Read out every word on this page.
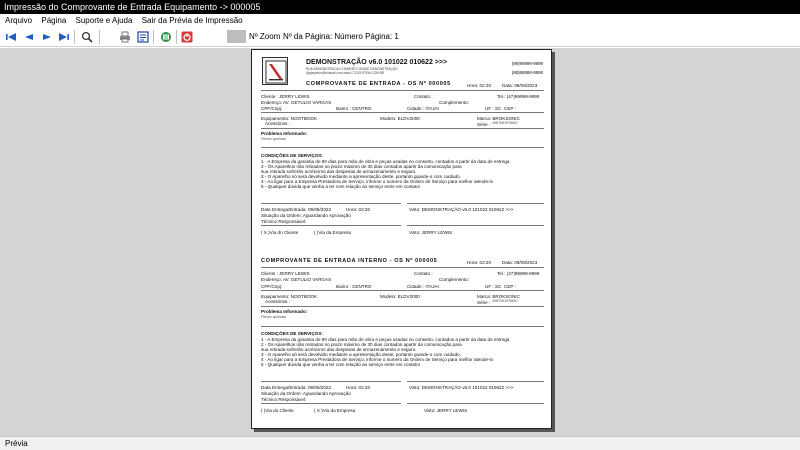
Impressão do Comprovante de Entrada Equipamento -> 000005
Arquivo Página Suporte e Ajuda Sair da Prévia de Impressão
Nº Zoom Nº da Página: Número Página: 1
DEMONSTRAÇÃO v6.0 101022 010622 >>>
RUA DEMONSTRACAO 0 BAIRRO CIDADE DEMONSTRAÇÃO
@gtsystem@hotmail.com www.CTOSYSTEM.COM.BR
(99)99999-9999
(88)88888-8888
COMPROVANTE DE ENTRADA - OS Nº 000005	Hora: 02:20 Data: 09/09/2023
Cliente : JERRY LEWIS	Contato :	Tel.: (47)99999-9999
Endereço: AV. GETULIO VARGAS	Complemento:
CPF/Cnpj:	Bairro : CENTRO	Cidade : ITAJAI	UF : SC CEP :
Equipamento: NOOTBOOK	Modelo: ELDV2000	Marca: BROKSONIC
Acessórios :	Série : 4HB7MKSF9MAD
Problema Informado:
Flexivio quebrado
CONDIÇÕES DE SERVIÇOS:
1 - A Empresa da garantia de 90 dias para mão de obra e peças usadas no conserto, contados a partir da data de entrega
2 - Os Aparelhos não retirados no prazo máximo de 30 dias contados apartir da comunicação para
sua retirada sofrerão acréscimo das despesas de armazenamento e seguro.
3 - O Aparelho só será devolvido mediante a apresentação deste, portanto guarde-o com cuidado.
4 - Ao ligar para a Empresa Prestadora de Serviço, informe o numero da Ordem de Serviço para melhor atende-lo
5 - Qualquer dúvida que venha a ter com relação ao serviço entre em contato!
Data Entrega/Entrada: 09/09/2023	Hora: 02:20	Visto: DEMONSTRAÇÃO v6.0 101022 010622 >>>
Situação da Ordem: Aguardando Aprovação
Técnico Responsável:
( X )Via do Cliente	( )Via da Empresa	Visto: JERRY LEWIS
COMPROVANTE DE ENTRADA INTERNO - OS Nº 000005	Hora: 02:20 Data: 09/09/2023
Cliente : JERRY LEWIS	Contato :	Tel.: (47)99999-9999
Endereço: AV. GETULIO VARGAS	Complemento:
CPF/Cnpj:	Bairro : CENTRO	Cidade : ITAJAI	UF : SC CEP :
Equipamento: NOOTBOOK	Modelo: ELDV2000	Marca: BROKSONIC
Acessórios :	Série : 4HB7MKSF9MAD
Problema Informado:
Flexivio quebrado
CONDIÇÕES DE SERVIÇOS:
1 - A Empresa da garantia de 90 dias para mão de obra e peças usadas no conserto, contados a partir da data de entrega
2 - Os Aparelhos não retirados no prazo máximo de 30 dias contados apartir da comunicação para
sua retirada sofrerão acréscimo das despesas de armazenamento e seguro.
3 - O Aparelho só será devolvido mediante a apresentação deste, portanto guarde-o com cuidado.
4 - Ao ligar para a Empresa Prestadora de Serviço, informe o numero da Ordem de Serviço para melhor atende-lo
5 - Qualquer dúvida que venha a ter com relação ao serviço entre em contato!
Data Entrega/Entrada: 09/09/2023	Hora: 02:20	Visto: DEMONSTRAÇÃO v6.0 101022 010622 >>>
Situação da Ordem: Aguardando Aprovação
Técnico Responsável:
( )Via do Cliente	( X )Via da Empresa	Visto: JERRY LEWIS
Prévia
